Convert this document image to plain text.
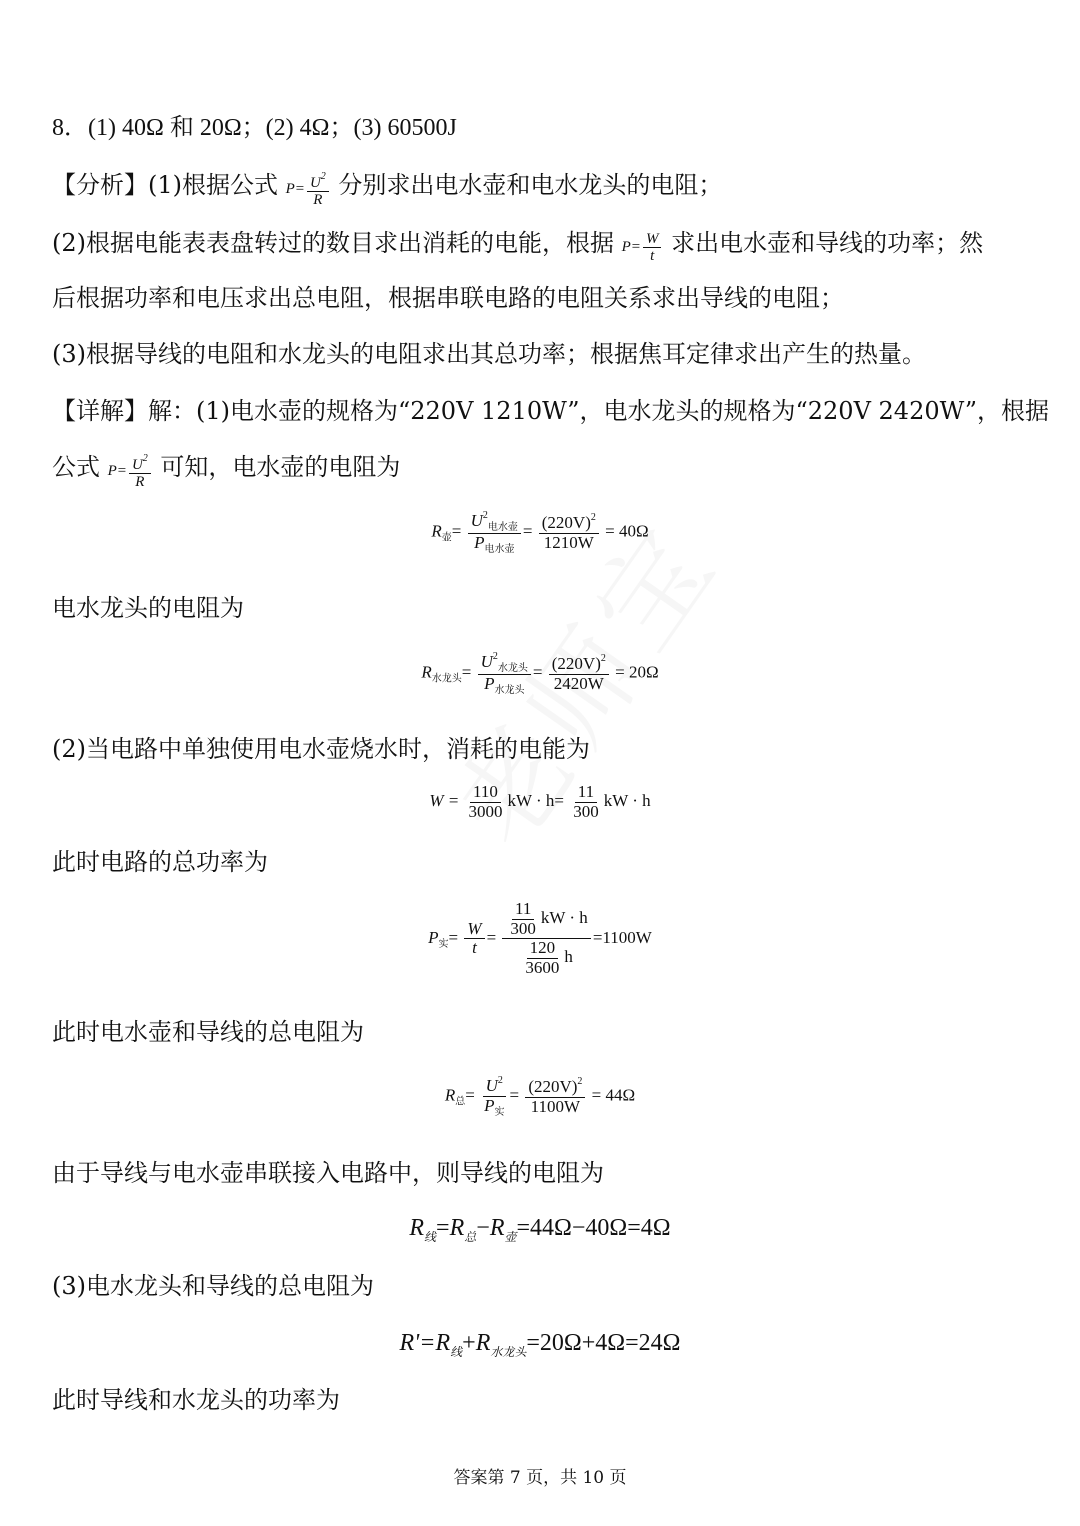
8．(1) 40Ω 和 20Ω；(2) 4Ω；(3) 60500J
【分析】(1)根据公式 $P= \frac{U^2}{R}$ 分别求出电水壶和电水龙头的电阻；
(2)根据电能表表盘转过的数目求出消耗的电能，根据 $P= \frac{W}{t}$ 求出电水壶和导线的功率；然
后根据功率和电压求出总电阻，根据串联电路的电阻关系求出导线的电阻；
(3)根据导线的电阻和水龙头的电阻求出其总功率；根据焦耳定律求出产生的热量。
【详解】解：(1)电水壶的规格为“220V 1210W”，电水龙头的规格为“220V 2420W”，根据
公式 $P= \frac{U^2}{R}$ 可知，电水壶的电阻为
$R_壶= \frac{U^2_{电水壶}}{P_{电水壶}} = \frac{(220V)^2}{1210W} = 40\Omega$
电水龙头的电阻为
$R_{水龙头}= \frac{U^2_{水龙头}}{P_{水龙头}} = \frac{(220V)^2}{2420W} = 20\Omega$
(2)当电路中单独使用电水壶烧水时，消耗的电能为
$W = \frac{110}{3000}$ kW · $h= \frac{11}{300}$ kW · h
此时电路的总功率为
$P_实= \frac{W}{t} = \frac{\frac{11}{300} kW \cdot h}{\frac{120}{3600} h} =1100W$
此时电水壶和导线的总电阻为
$R_总= \frac{U^2}{P_实} = \frac{(220V)^2}{1100W} = 44\Omega$
由于导线与电水壶串联接入电路中，则导线的电阻为
$R_线=R_总-R_壶=44\Omega-40\Omega=4\Omega$
(3)电水龙头和导线的总电阻为
$R'=R_线+R_{水龙头}=20\Omega+4\Omega=24\Omega$
此时导线和水龙头的功率为
答案第 7 页，共 10 页
